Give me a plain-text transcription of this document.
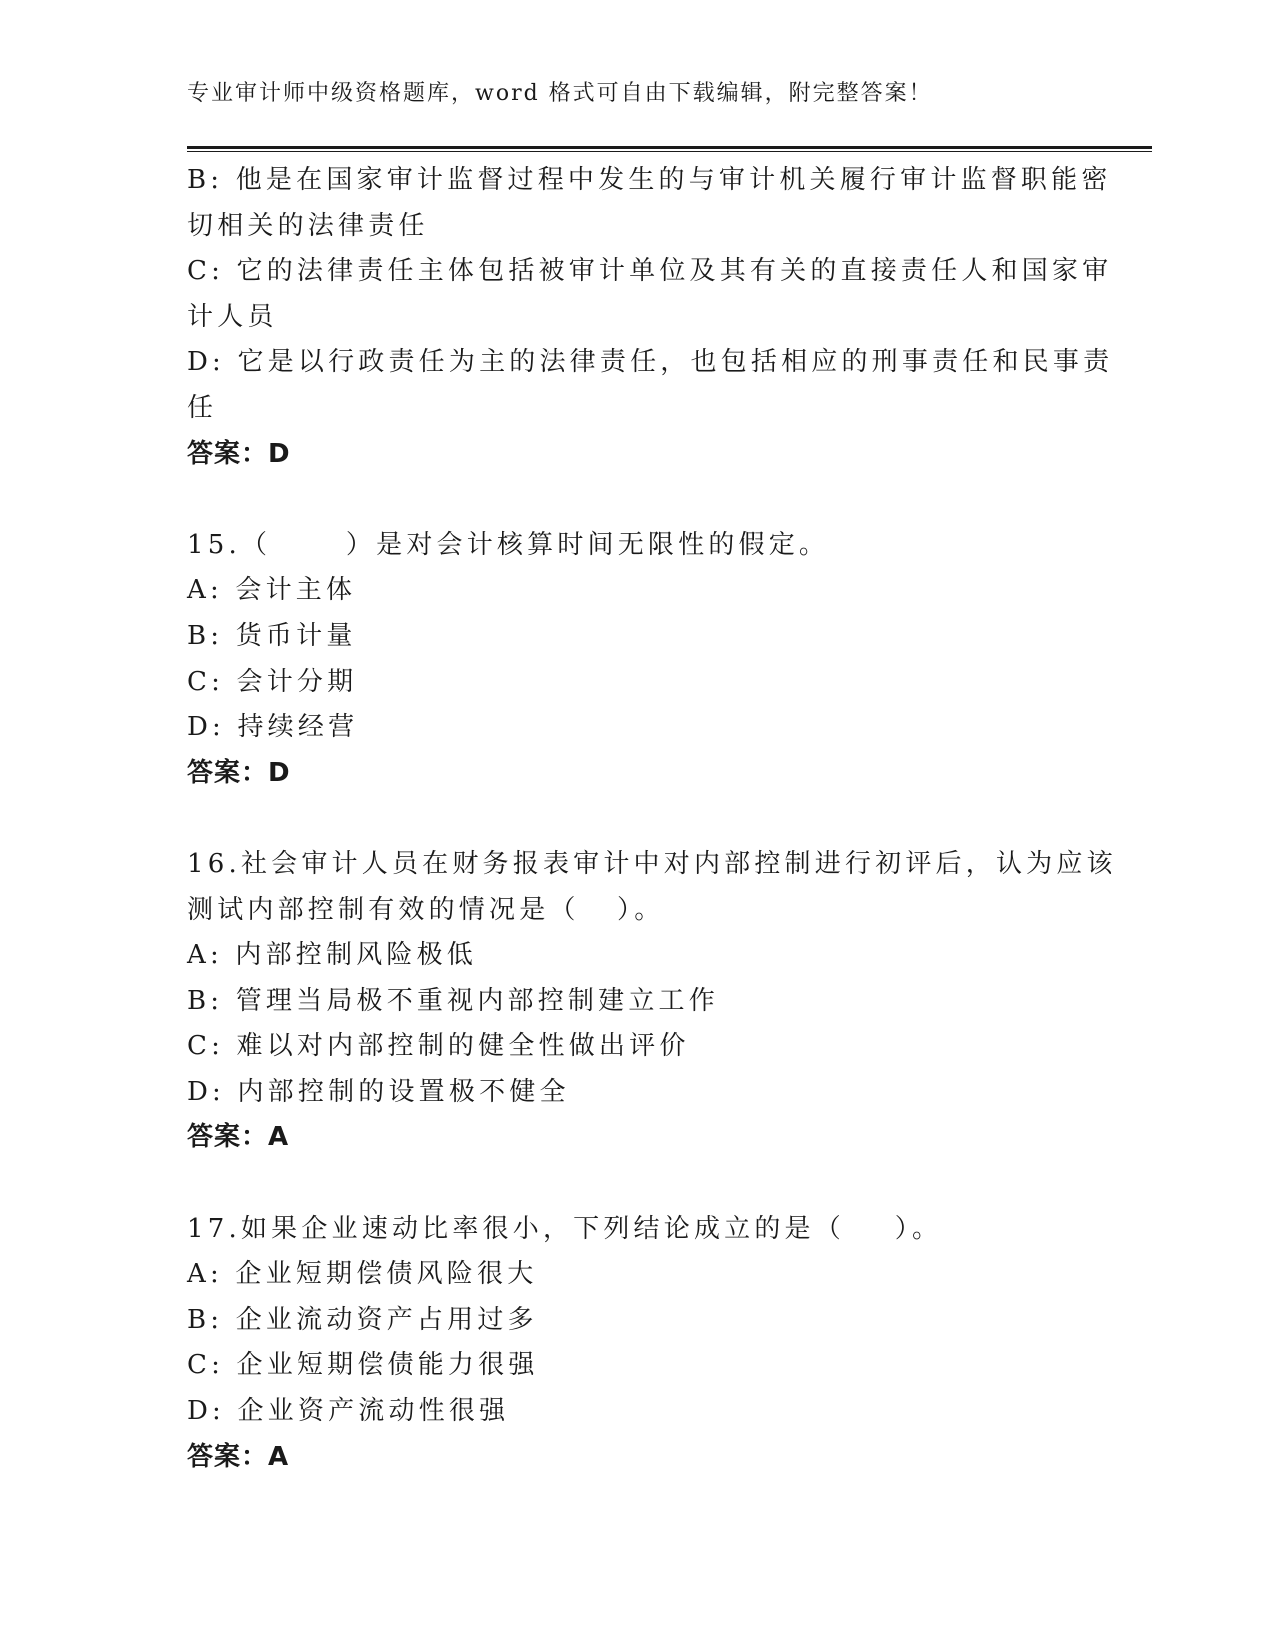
专业审计师中级资格题库，word 格式可自由下载编辑，附完整答案！
B: 他是在国家审计监督过程中发生的与审计机关履行审计监督职能密
切相关的法律责任
C: 它的法律责任主体包括被审计单位及其有关的直接责任人和国家审
计人员
D: 它是以行政责任为主的法律责任，也包括相应的刑事责任和民事责
任
答案：D
15.（      ）是对会计核算时间无限性的假定。
A: 会计主体
B: 货币计量
C: 会计分期
D: 持续经营
答案：D
16.社会审计人员在财务报表审计中对内部控制进行初评后，认为应该
测试内部控制有效的情况是（   ）。
A: 内部控制风险极低
B: 管理当局极不重视内部控制建立工作
C: 难以对内部控制的健全性做出评价
D: 内部控制的设置极不健全
答案：A
17.如果企业速动比率很小，下列结论成立的是（    ）。
A: 企业短期偿债风险很大
B: 企业流动资产占用过多
C: 企业短期偿债能力很强
D: 企业资产流动性很强
答案：A
